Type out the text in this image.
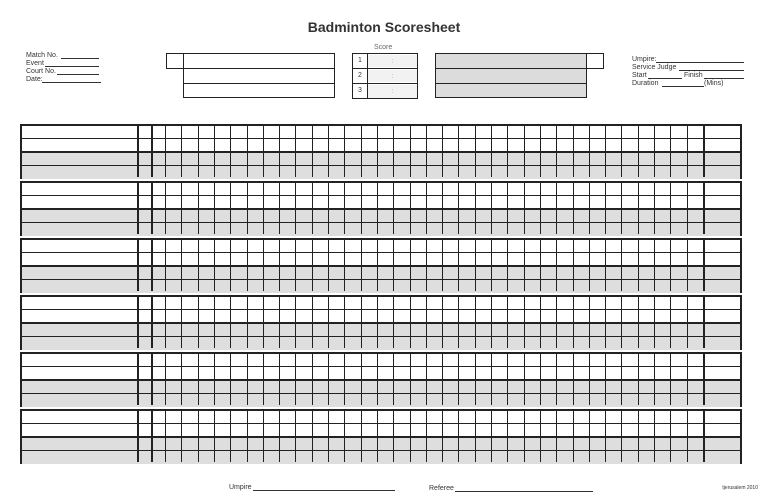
Badminton Scoresheet
Match No.
Event
Court No.
Date:
Score
1	:
2	:
3	:
Umpire:
Service Judge
Start	Finish
Duration	(Mins)
Umpire	Referee	tjerusalem 2010
